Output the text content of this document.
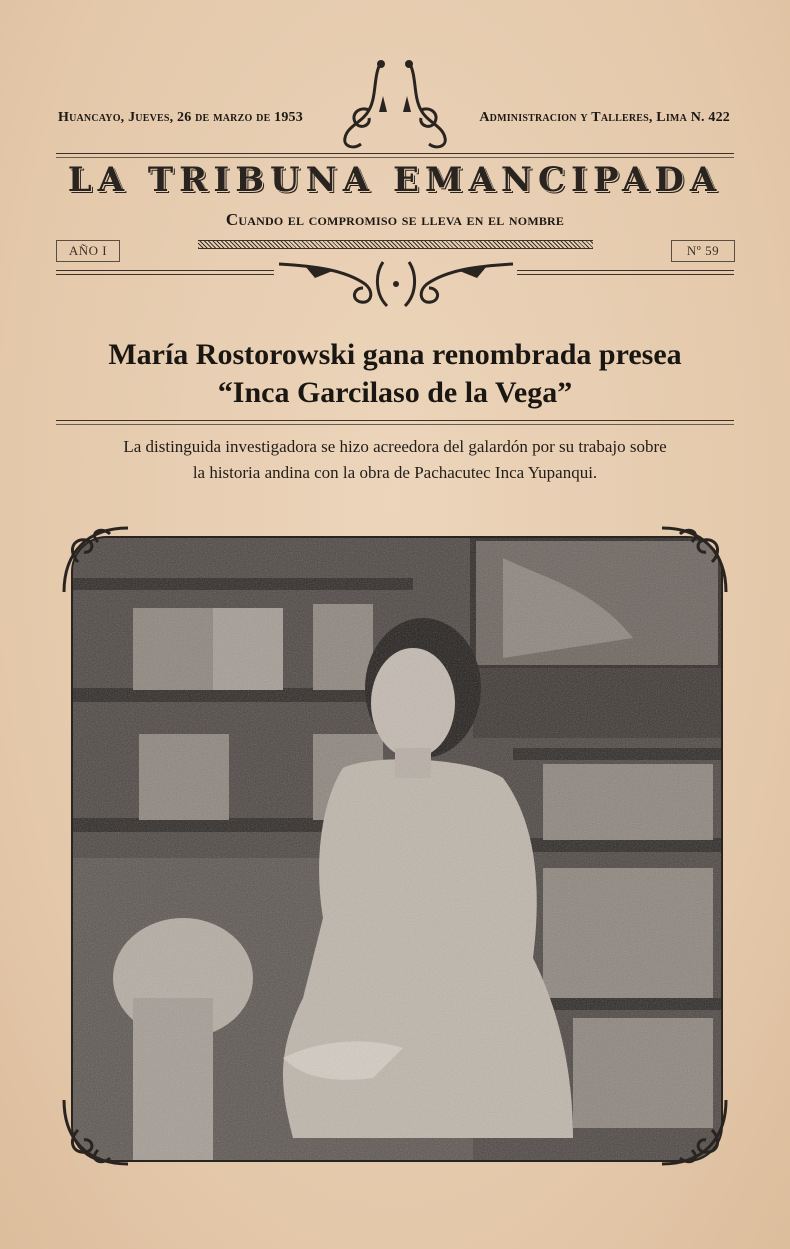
Huancayo, Jueves, 26 de marzo de 1953	Administracion y Talleres, Lima N. 422
LA TRIBUNA EMANCIPADA
Cuando el compromiso se lleva en el nombre
AÑO I	Nº 59
María Rostorowski gana renombrada presea
“Inca Garcilaso de la Vega”
La distinguida investigadora se hizo acreedora del galardón por su trabajo sobre
la historia andina con la obra de Pachacutec Inca Yupanqui.
